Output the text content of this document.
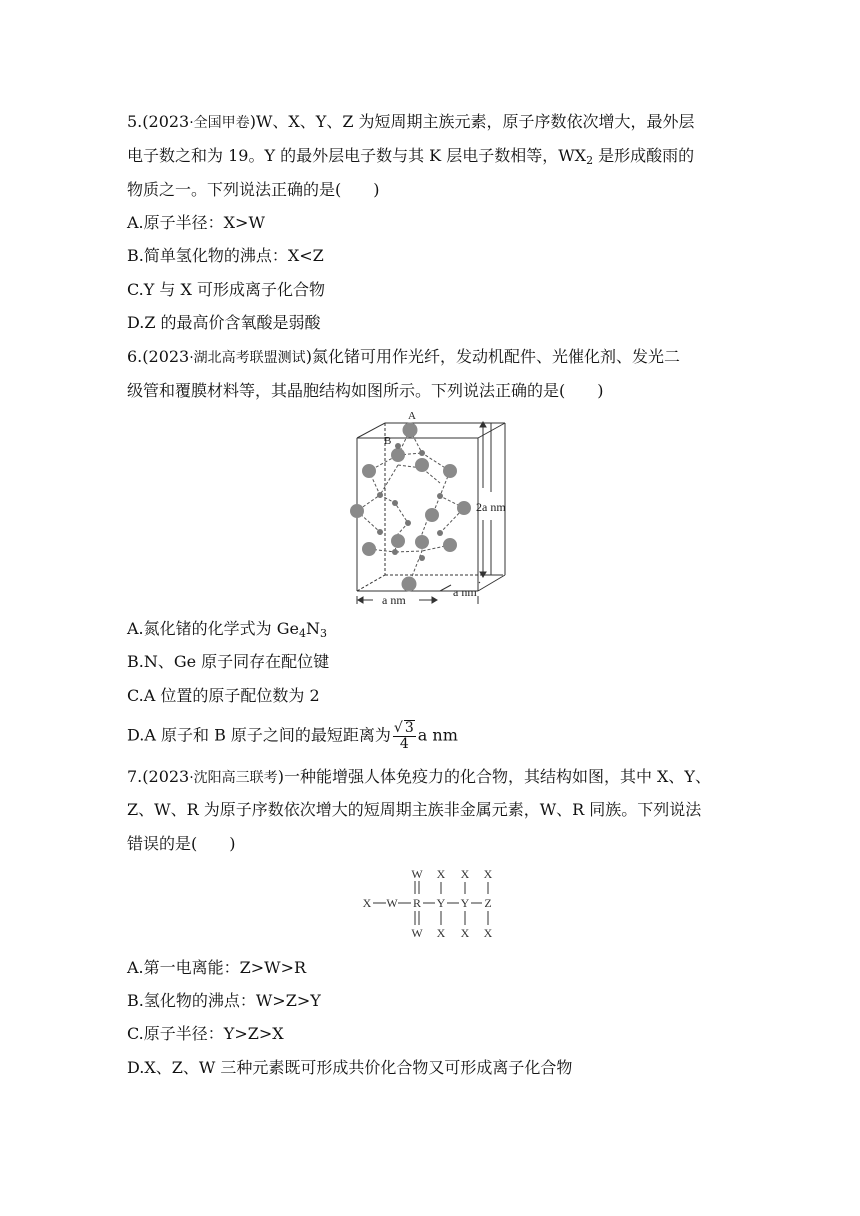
5.(2023·全国甲卷)W、X、Y、Z 为短周期主族元素，原子序数依次增大，最外层
电子数之和为 19。Y 的最外层电子数与其 K 层电子数相等，$WX_2$ 是形成酸雨的
物质之一。下列说法正确的是(　　)
A.原子半径：X>W
B.简单氢化物的沸点：X<Z
C.Y 与 X 可形成离子化合物
D.Z 的最高价含氧酸是弱酸
6.(2023·湖北高考联盟测试)氮化锗可用作光纤，发动机配件、光催化剂、发光二
级管和覆膜材料等，其晶胞结构如图所示。下列说法正确的是(　　)
A
B
2a nm
a nm
a nm
A.氮化锗的化学式为 $Ge_4N_3$
B.N、Ge 原子同存在配位键
C.A 位置的原子配位数为 2
D.A 原子和 B 原子之间的最短距离为 $\frac{√ 3}{4}$ a nm
7.(2023·沈阳高三联考)一种能增强人体免疫力的化合物，其结构如图，其中 X、Y、
Z、W、R 为原子序数依次增大的短周期主族非金属元素，W、R 同族。下列说法
错误的是(　　)
W X X X
X W R Y Y Z
W X X X
A.第一电离能：Z>W>R
B.氢化物的沸点：W>Z>Y
C.原子半径：Y>Z>X
D.X、Z、W 三种元素既可形成共价化合物又可形成离子化合物
